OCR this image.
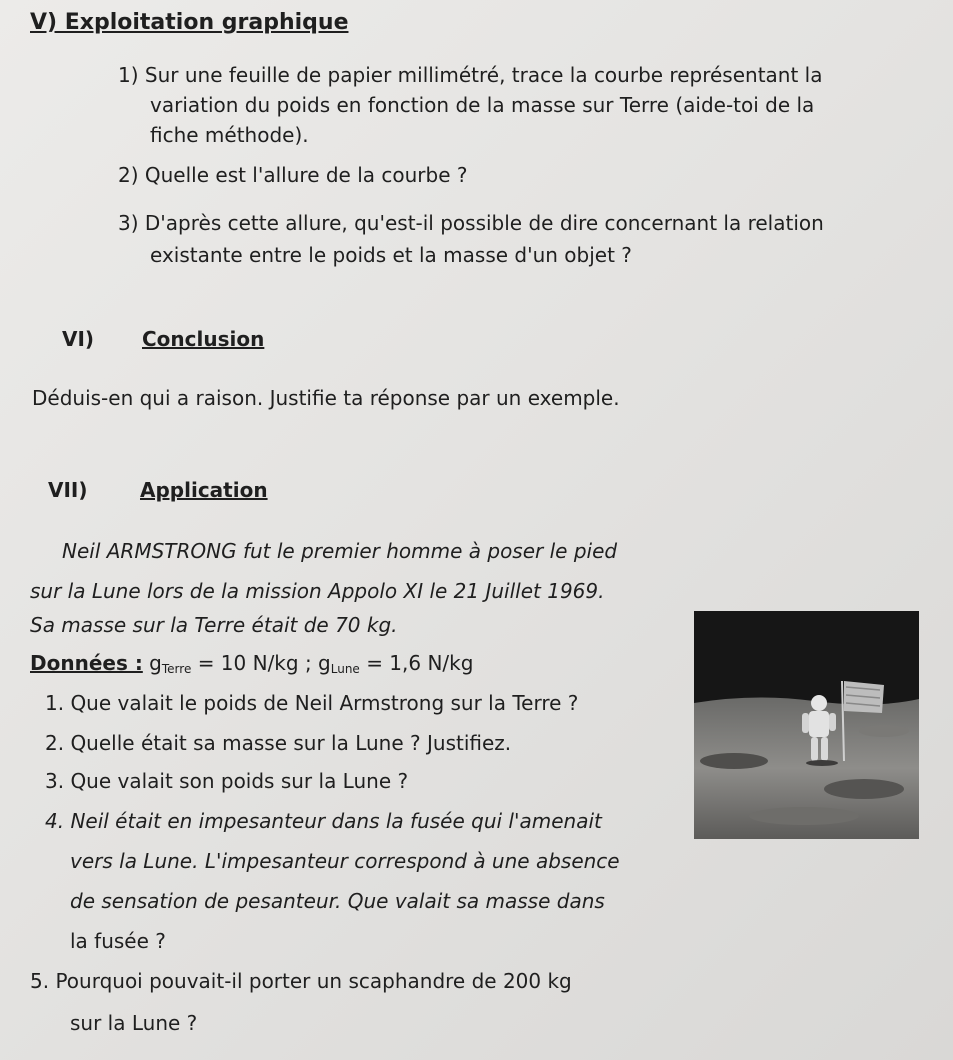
V) Exploitation graphique
1) Sur une feuille de papier millimétré, trace la courbe représentant la
variation du poids en fonction de la masse sur Terre (aide-toi de la
fiche méthode).
2) Quelle est l'allure de la courbe ?
3) D'après cette allure, qu'est-il possible de dire concernant la relation
existante entre le poids et la masse d'un objet ?
VI) Conclusion
Déduis-en qui a raison. Justifie ta réponse par un exemple.
VII)	Application
Neil ARMSTRONG fut le premier homme à poser le pied
sur la Lune lors de la mission Appolo XI le 21 Juillet 1969.
Sa masse sur la Terre était de 70 kg.
Données : $g_{Terre} = 10$ N/kg ; $g_{Lune} = 1,6$ N/kg
1. Que valait le poids de Neil Armstrong sur la Terre ?
2. Quelle était sa masse sur la Lune ? Justifiez.
3. Que valait son poids sur la Lune ?
4. Neil était en impesanteur dans la fusée qui l'amenait
vers la Lune. L'impesanteur correspond à une absence
de sensation de pesanteur. Que valait sa masse dans
la fusée ?
5. Pourquoi pouvait-il porter un scaphandre de 200 kg
sur la Lune ?
